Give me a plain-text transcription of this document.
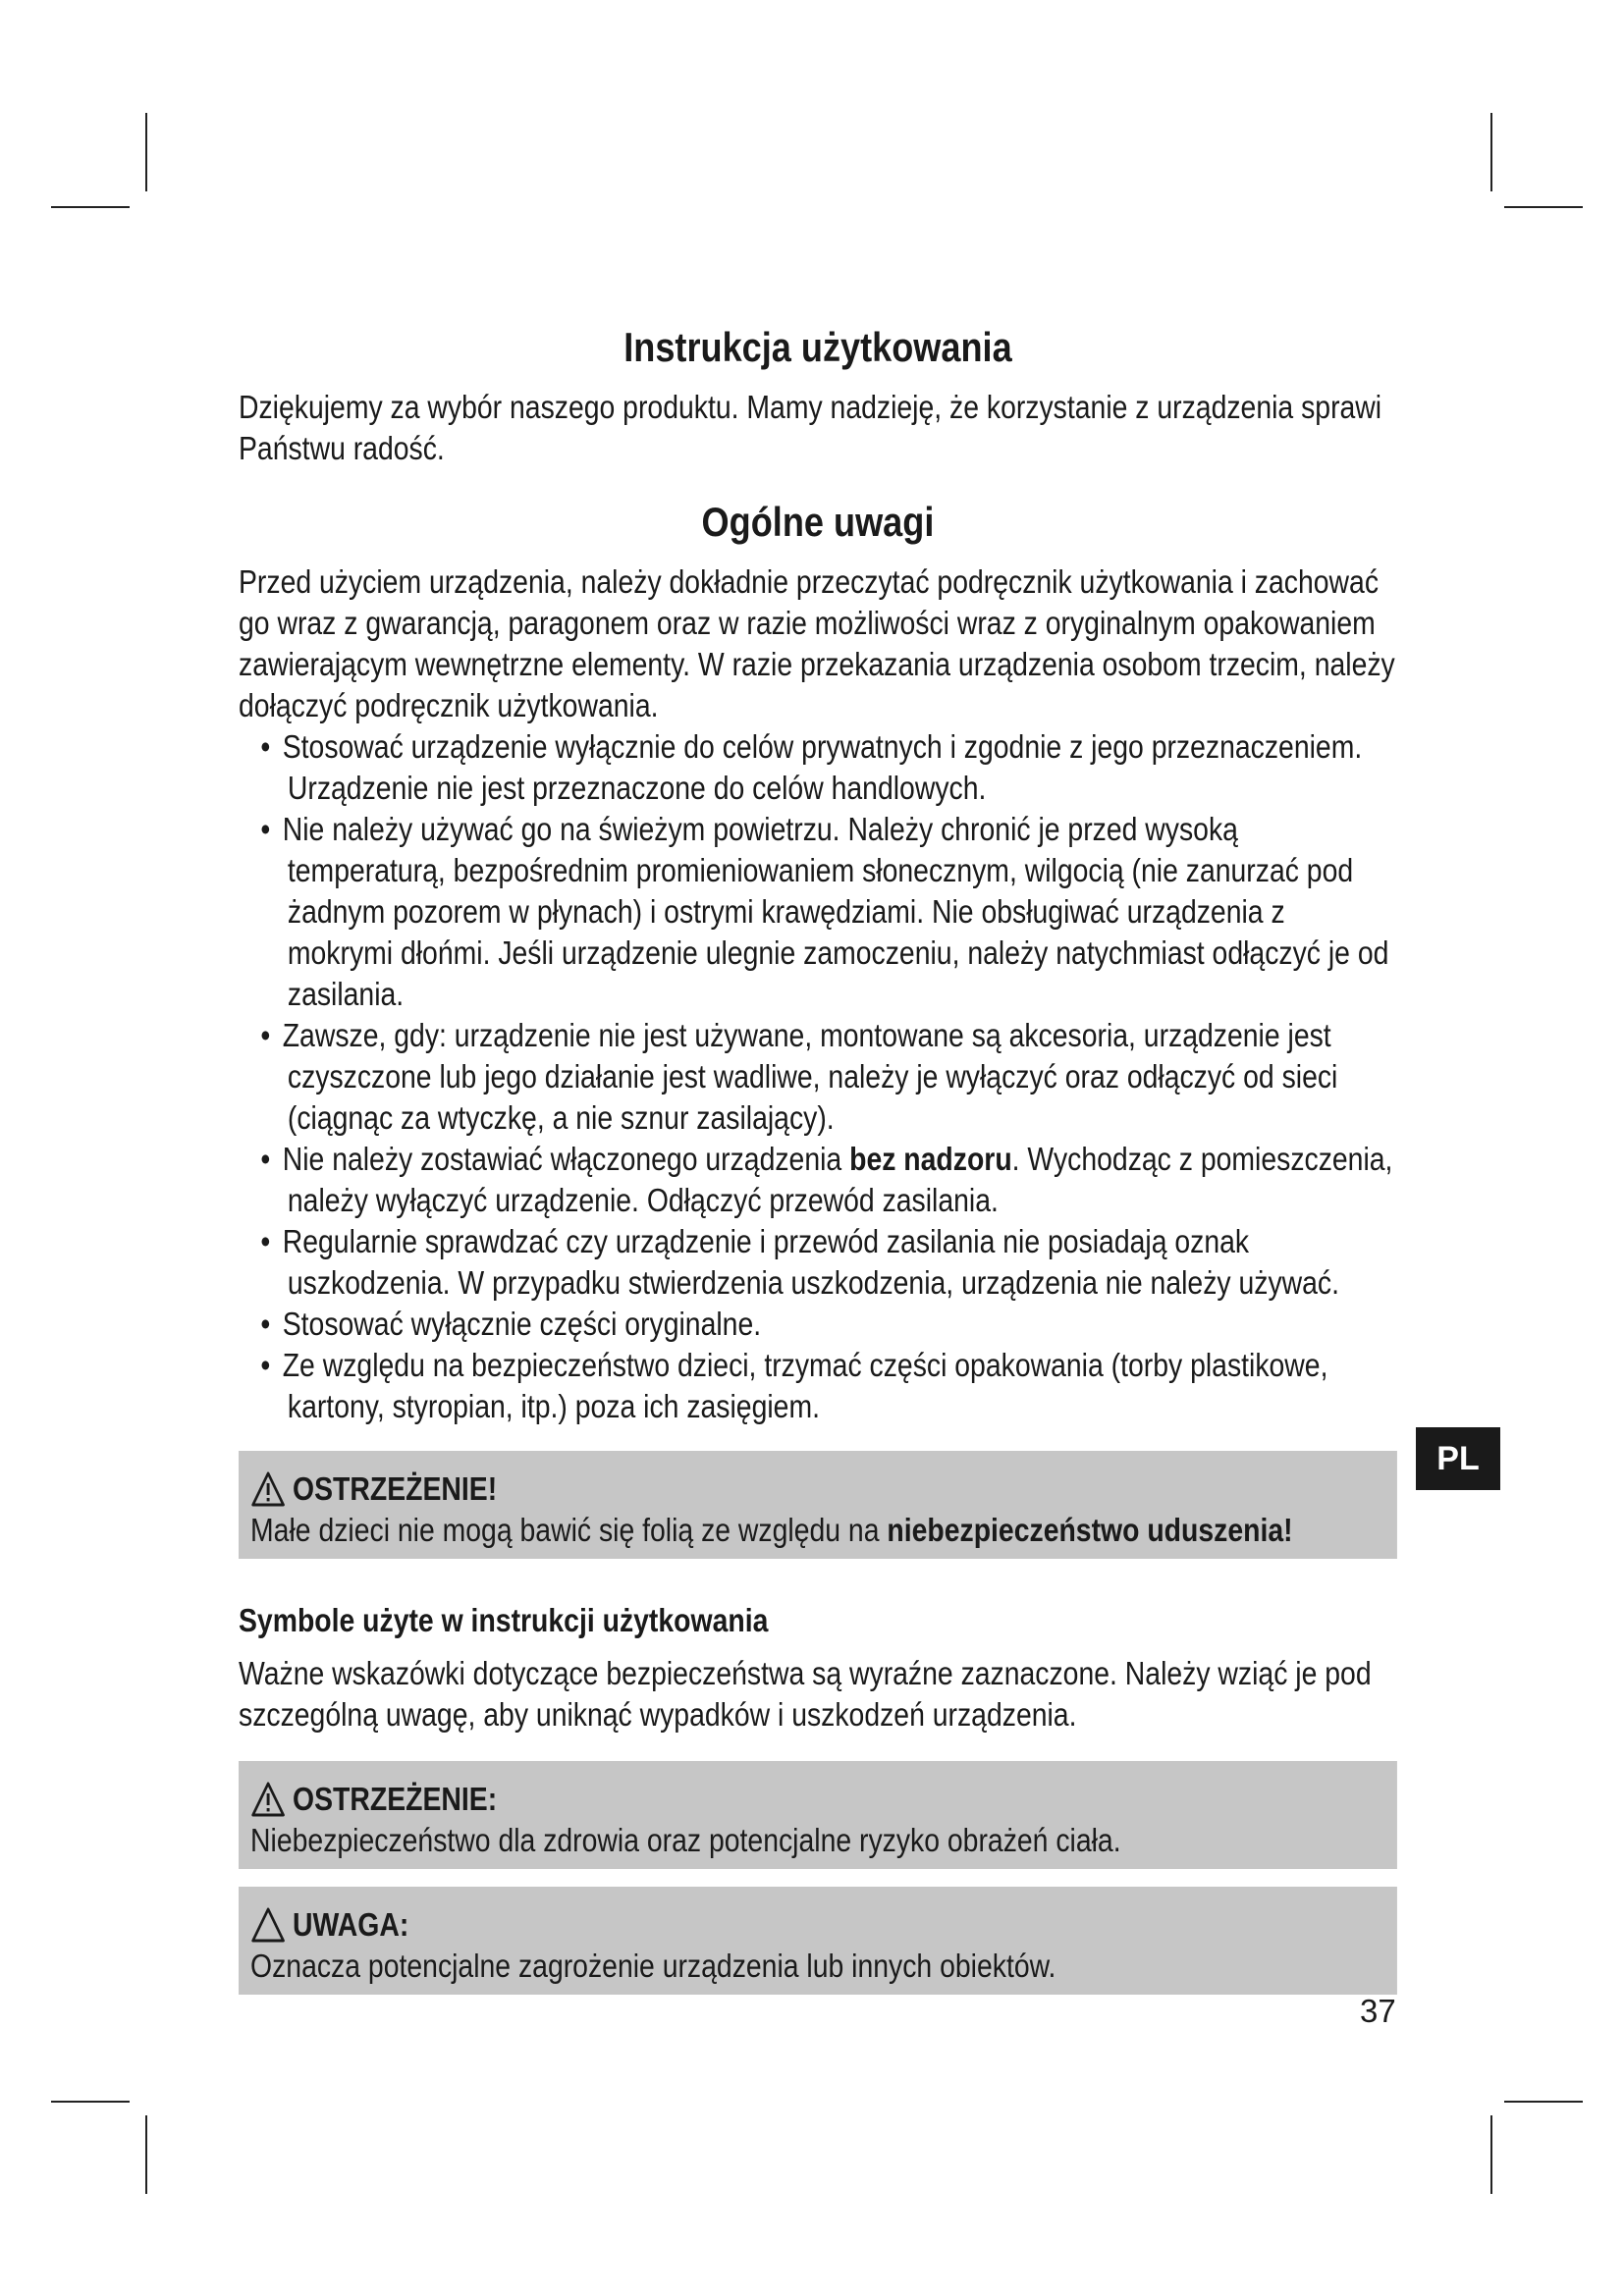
Instrukcja użytkowania

Dziękujemy za wybór naszego produktu. Mamy nadzieję, że korzystanie z urządzenia sprawi Państwu radość.

Ogólne uwagi

Przed użyciem urządzenia, należy dokładnie przeczytać podręcznik użytkowania i zachować go wraz z gwarancją, paragonem oraz w razie możliwości wraz z oryginalnym opakowaniem zawierającym wewnętrzne elementy. W razie przekazania urządzenia osobom trzecim, należy dołączyć podręcznik użytkowania.

• Stosować urządzenie wyłącznie do celów prywatnych i zgodnie z jego przeznaczeniem. Urządzenie nie jest przeznaczone do celów handlowych.
• Nie należy używać go na świeżym powietrzu. Należy chronić je przed wysoką temperaturą, bezpośrednim promieniowaniem słonecznym, wilgocią (nie zanurzać pod żadnym pozorem w płynach) i ostrymi krawędziami. Nie obsługiwać urządzenia z mokrymi dłońmi. Jeśli urządzenie ulegnie zamoczeniu, należy natychmiast odłączyć je od zasilania.
• Zawsze, gdy: urządzenie nie jest używane, montowane są akcesoria, urządzenie jest czyszczone lub jego działanie jest wadliwe, należy je wyłączyć oraz odłączyć od sieci (ciągnąc za wtyczkę, a nie sznur zasilający).
• Nie należy zostawiać włączonego urządzenia bez nadzoru. Wychodząc z pomieszczenia, należy wyłączyć urządzenie. Odłączyć przewód zasilania.
• Regularnie sprawdzać czy urządzenie i przewód zasilania nie posiadają oznak uszkodzenia. W przypadku stwierdzenia uszkodzenia, urządzenia nie należy używać.
• Stosować wyłącznie części oryginalne.
• Ze względu na bezpieczeństwo dzieci, trzymać części opakowania (torby plastikowe, kartony, styropian, itp.) poza ich zasięgiem.
OSTRZEŻENIE!
Małe dzieci nie mogą bawić się folią ze względu na niebezpieczeństwo uduszenia!
Symbole użyte w instrukcji użytkowania

Ważne wskazówki dotyczące bezpieczeństwa są wyraźne zaznaczone. Należy wziąć je pod szczególną uwagę, aby uniknąć wypadków i uszkodzeń urządzenia.

OSTRZEŻENIE:
Niebezpieczeństwo dla zdrowia oraz potencjalne ryzyko obrażeń ciała.
UWAGA:
Oznacza potencjalne zagrożenie urządzenia lub innych obiektów.
PL
37
